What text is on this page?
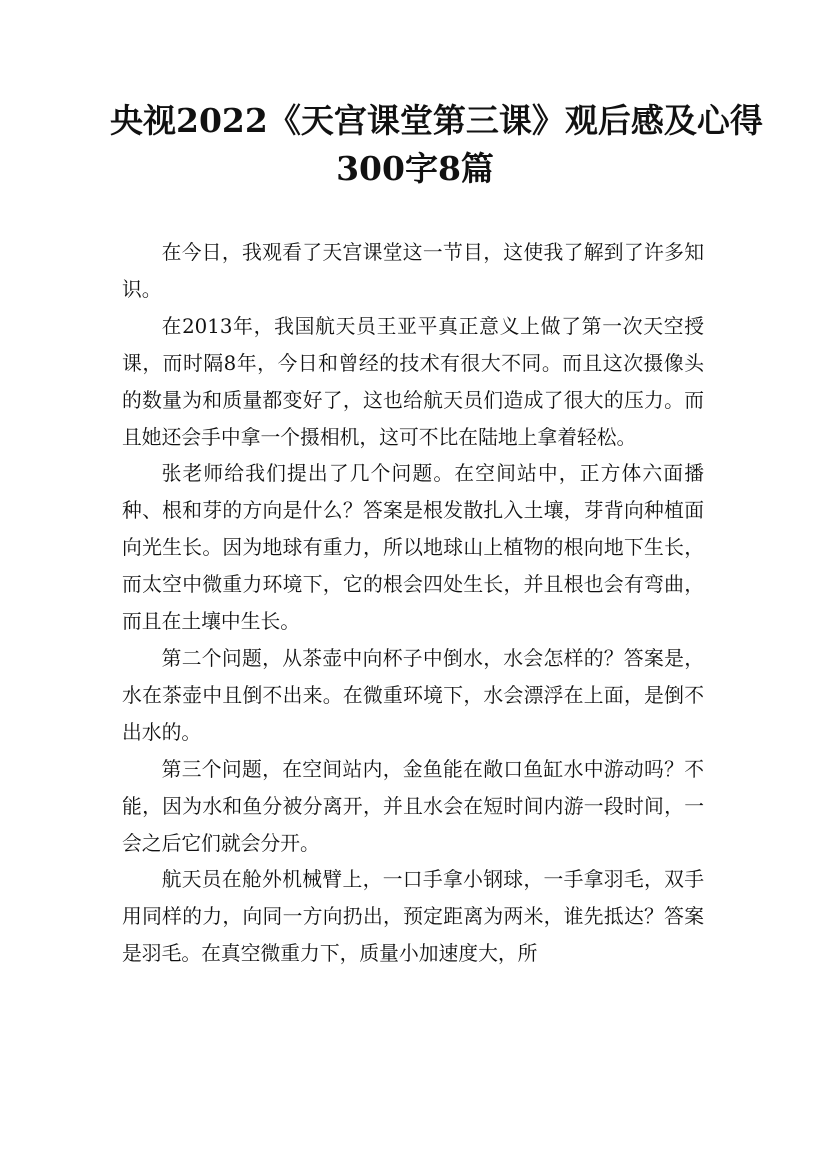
央视2022《天宫课堂第三课》观后感及心得
300字8篇

在今日，我观看了天宫课堂这一节目，这使我了解到了许多知识。

在2013年，我国航天员王亚平真正意义上做了第一次天空授课，而时隔8年，今日和曾经的技术有很大不同。而且这次摄像头的数量为和质量都变好了，这也给航天员们造成了很大的压力。而且她还会手中拿一个摄相机，这可不比在陆地上拿着轻松。

张老师给我们提出了几个问题。在空间站中，正方体六面播种、根和芽的方向是什么？答案是根发散扎入土壤，芽背向种植面向光生长。因为地球有重力，所以地球山上植物的根向地下生长，而太空中微重力环境下，它的根会四处生长，并且根也会有弯曲，而且在土壤中生长。

第二个问题，从茶壶中向杯子中倒水，水会怎样的？答案是，水在茶壶中且倒不出来。在微重环境下，水会漂浮在上面，是倒不出水的。

第三个问题，在空间站内，金鱼能在敞口鱼缸水中游动吗？不能，因为水和鱼分被分离开，并且水会在短时间内游一段时间，一会之后它们就会分开。

航天员在舱外机械臂上，一口手拿小钢球，一手拿羽毛，双手用同样的力，向同一方向扔出，预定距离为两米，谁先抵达？答案是羽毛。在真空微重力下，质量小加速度大，所
